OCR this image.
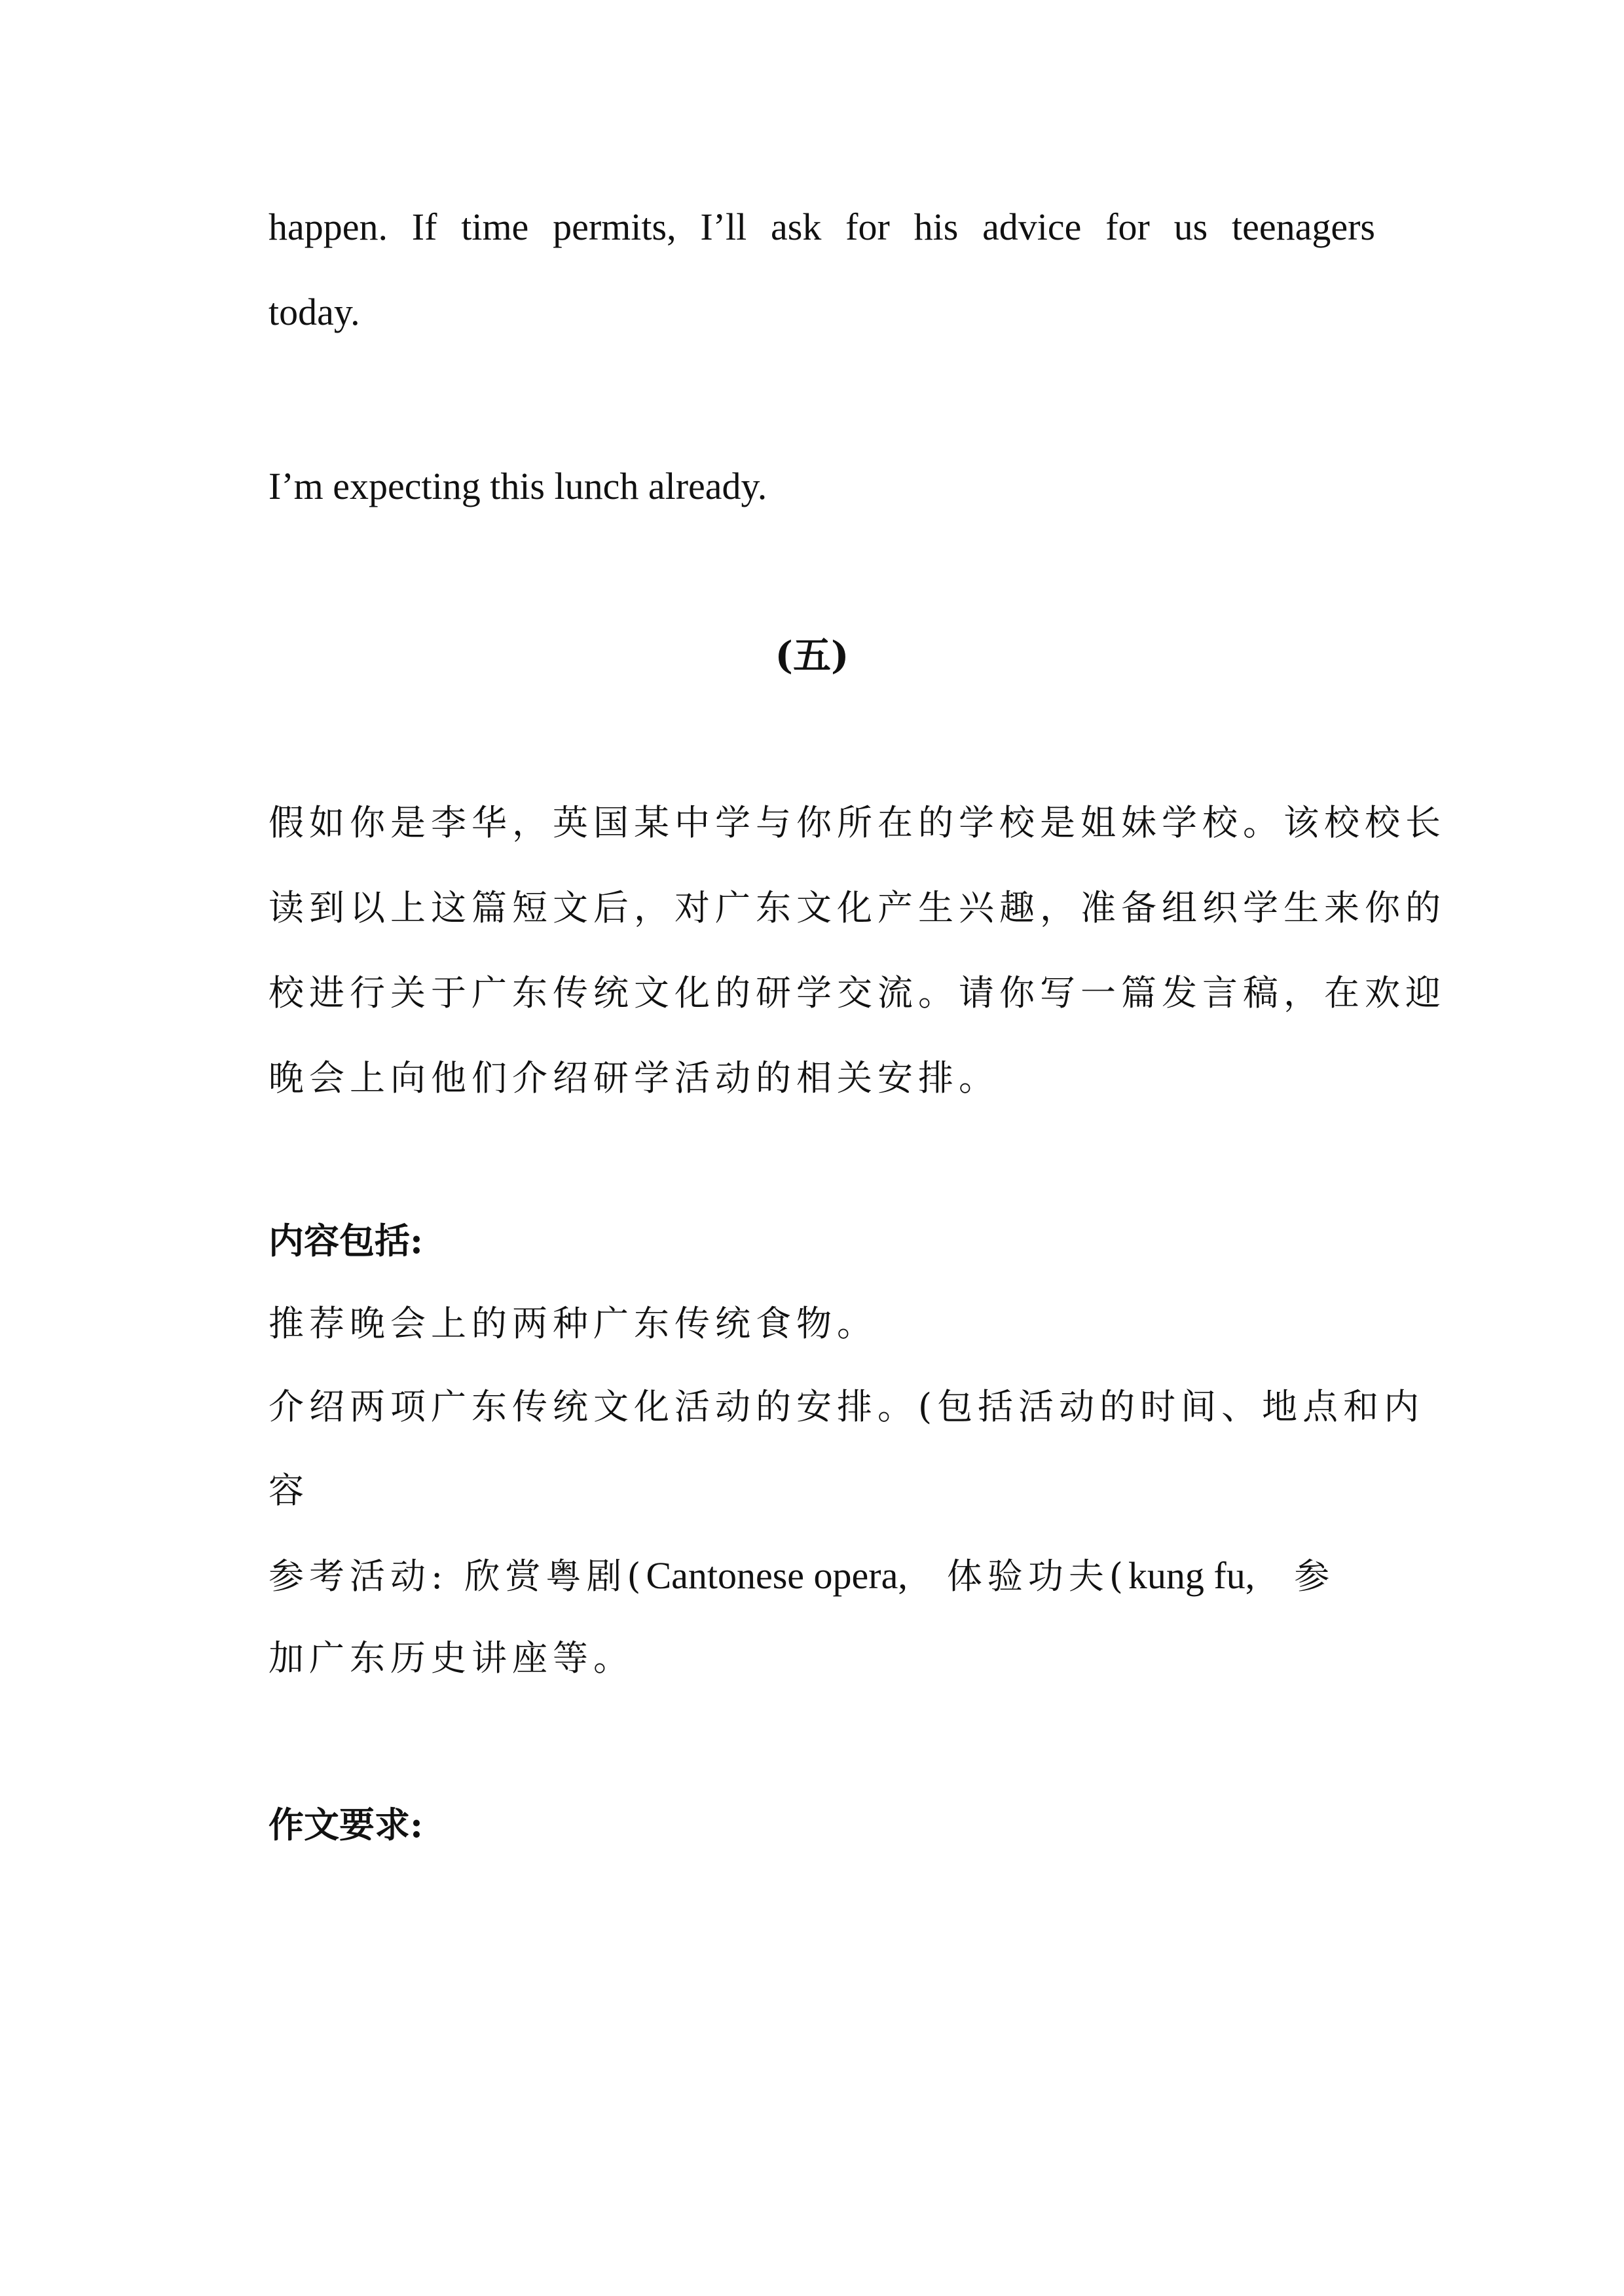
happen. If time permits, I’ll ask for his advice for us teenagers
today.
I’m expecting this lunch already.
(五)
假如你是李华，英国某中学与你所在的学校是姐妹学校。该校校长
读到以上这篇短文后，对广东文化产生兴趣，准备组织学生来你的
校进行关于广东传统文化的研学交流。请你写一篇发言稿，在欢迎
晚会上向他们介绍研学活动的相关安排。
内容包括:
推荐晚会上的两种广东传统食物。
介绍两项广东传统文化活动的安排。(包括活动的时间、地点和内
容
参考活动: 欣赏粤剧(Cantonese opera, 体验功夫(kung fu, 参
加广东历史讲座等。
作文要求:
